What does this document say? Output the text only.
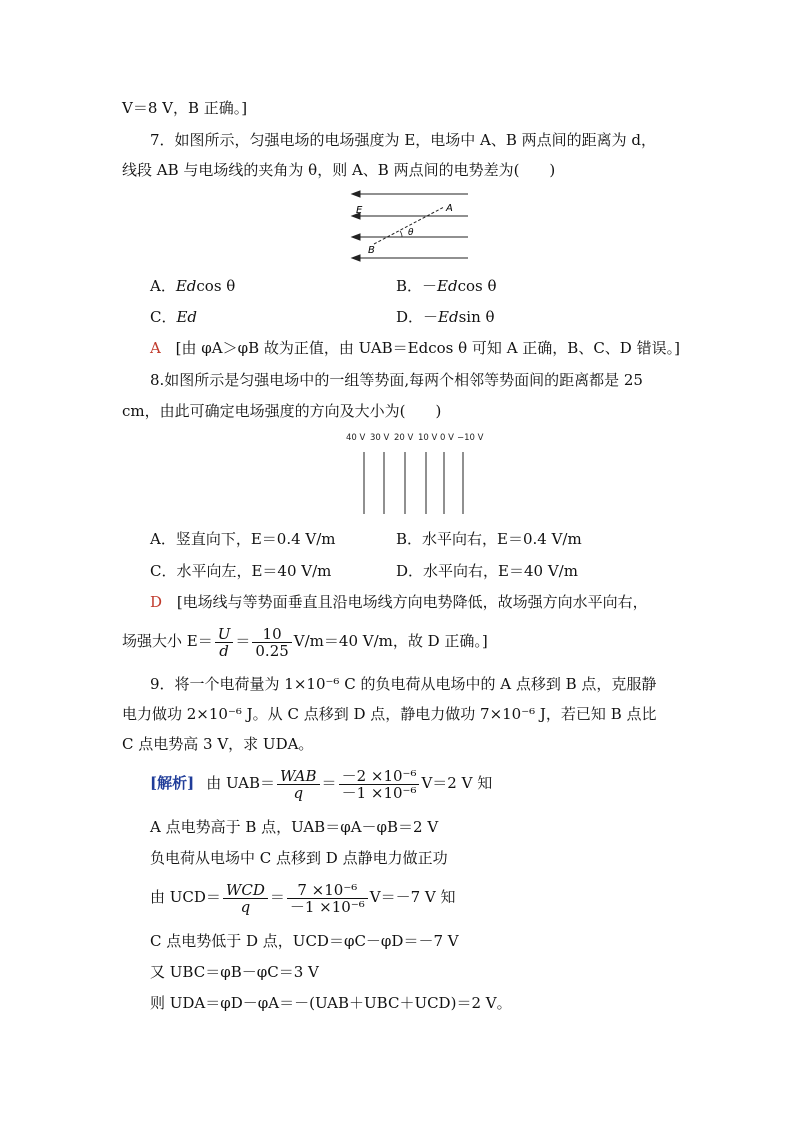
V＝8 V，B 正确。]
7．如图所示，匀强电场的电场强度为 E，电场中 A、B 两点间的距离为 d，
线段 AB 与电场线的夹角为 θ，则 A、B 两点间的电势差为(　　)
E	A
B
θ
A．Edcos θ	B．－Edcos θ
C．Ed	D．－Edsin θ
A [由 φA＞φB 故为正值，由 UAB＝Edcos θ 可知 A 正确，B、C、D 错误。]
8.如图所示是匀强电场中的一组等势面,每两个相邻等势面间的距离都是 25
cm，由此可确定电场强度的方向及大小为(　　)
40 V 30 V 20 V 10 V 0 V −10 V
A．竖直向下，E＝0.4 V/m	B．水平向右，E＝0.4 V/m
C．水平向左，E＝40 V/m	D．水平向右，E＝40 V/m
D [电场线与等势面垂直且沿电场线方向电势降低，故场强方向水平向右，
场强大小 $E= \frac{U}{d} = \frac{10}{0.25} V/m=40$ V/m，故 D 正确。]
9．将一个电荷量为 1×10⁻⁶ C 的负电荷从电场中的 A 点移到 B 点，克服静
电力做功 2×10⁻⁶ J。从 C 点移到 D 点，静电力做功 7×10⁻⁶ J，若已知 B 点比
C 点电势高 3 V，求 UDA。
[解析] 由 $UAB= \frac{\text{WAB}}{q} = \frac{\text{－2 ×10⁻⁶}}{\text{－1 ×10⁻⁶}} V=2$ V 知
A 点电势高于 B 点，UAB＝φA－φB＝2 V
负电荷从电场中 C 点移到 D 点静电力做正功
由 $UCD= \frac{\text{WCD}}{q} = \frac{\text{7 ×10⁻⁶}}{\text{－1 ×10⁻⁶}} V=-7$ V 知
C 点电势低于 D 点，UCD＝φC－φD＝－7 V
又 UBC＝φB－φC＝3 V
则 UDA＝φD－φA＝－(UAB＋UBC＋UCD)＝2 V。
